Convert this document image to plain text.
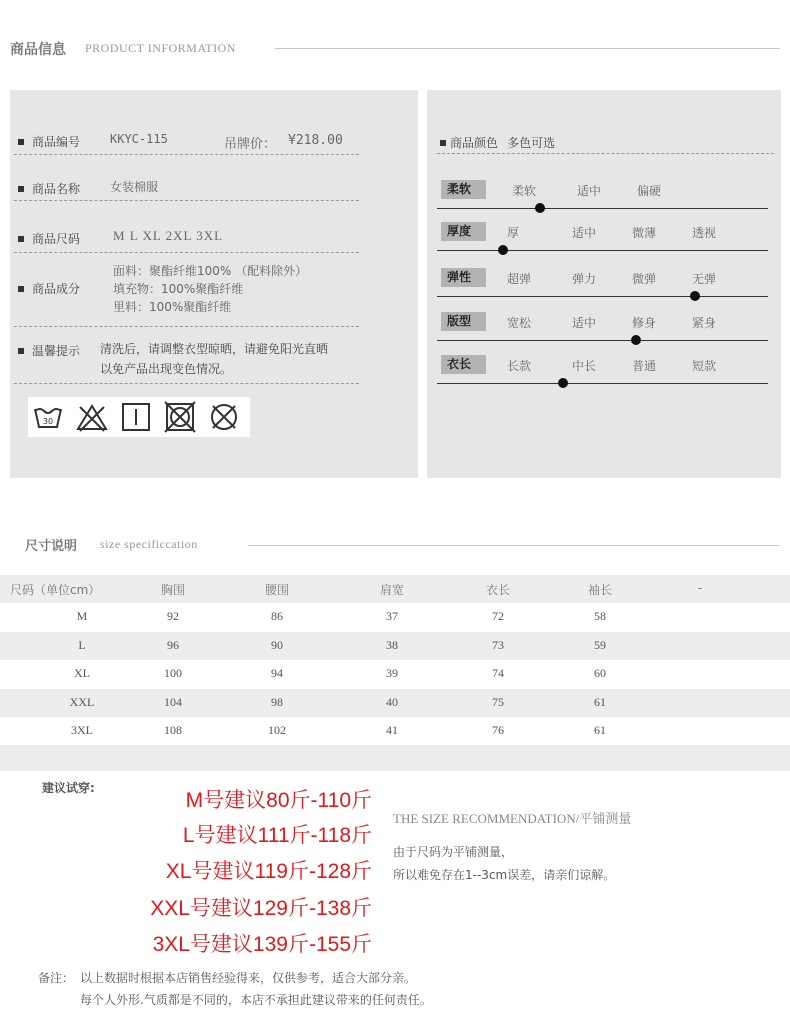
商品信息 PRODUCT INFORMATION
商品编号 KKYC-115	吊牌价： ¥218.00
商品名称 女装棉服
商品尺码	M L XL 2XL 3XL
商品成分
面料：聚酯纤维100% （配料除外）
填充物：100%聚酯纤维
里料：100%聚酯纤维
温馨提示 清洗后，请调整衣型晾晒，请避免阳光直晒
以免产品出现变色情况。
30
商品颜色 多色可选
柔软	柔软	适中	偏硬
厚度	厚	适中	微薄	透视
弹性	超弹	弹力	微弹	无弹
版型	宽松	适中	修身	紧身
衣长	长款	中长	普通	短款
尺寸说明 size specificcation
尺码（单位cm）	胸围	腰围	肩宽	衣长	袖长	-
M	92	86	37	72	58
L	96	90	38	73	59
XL	100	94	39	74	60
XXL	104	98	40	75	61
3XL	108	102	41	76	61
建议试穿:
M号建议80斤-110斤
L号建议111斤-118斤
XL号建议119斤-128斤
XXL号建议129斤-138斤
3XL号建议139斤-155斤
THE SIZE RECOMMENDATION/平铺测量
由于尺码为平铺测量，
所以难免存在1--3cm误差，请亲们谅解。
备注： 以上数据时根据本店销售经验得来，仅供参考，适合大部分亲。
每个人外形.气质都是不同的，本店不承担此建议带来的任何责任。
